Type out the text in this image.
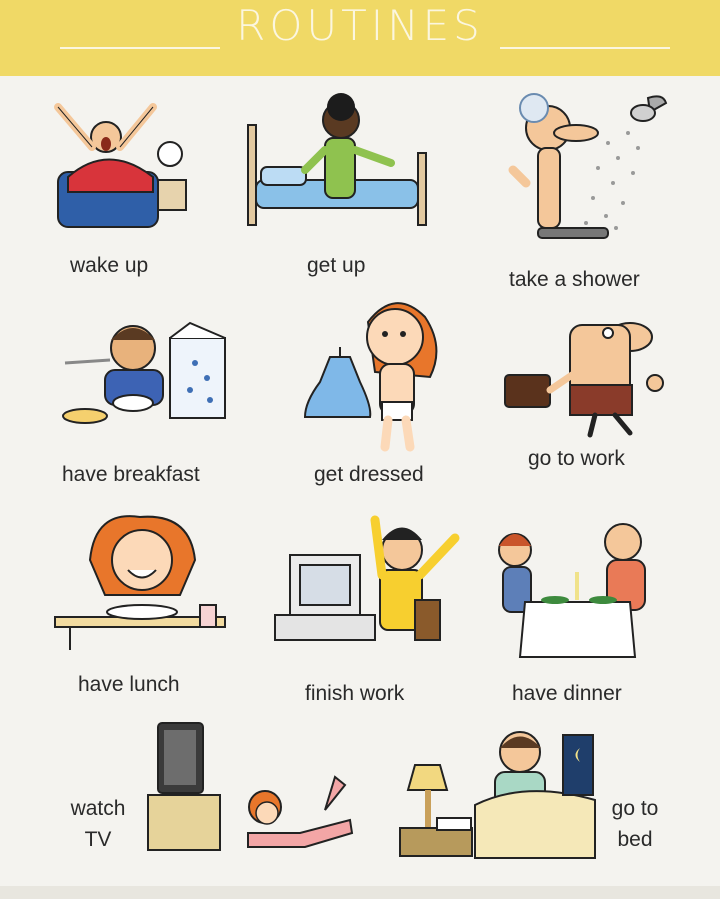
ROUTINES
wake up	get up
take a shower
have breakfast	get dressed
go to work
have lunch	finish work	have dinner
watch
TV
go to
bed
